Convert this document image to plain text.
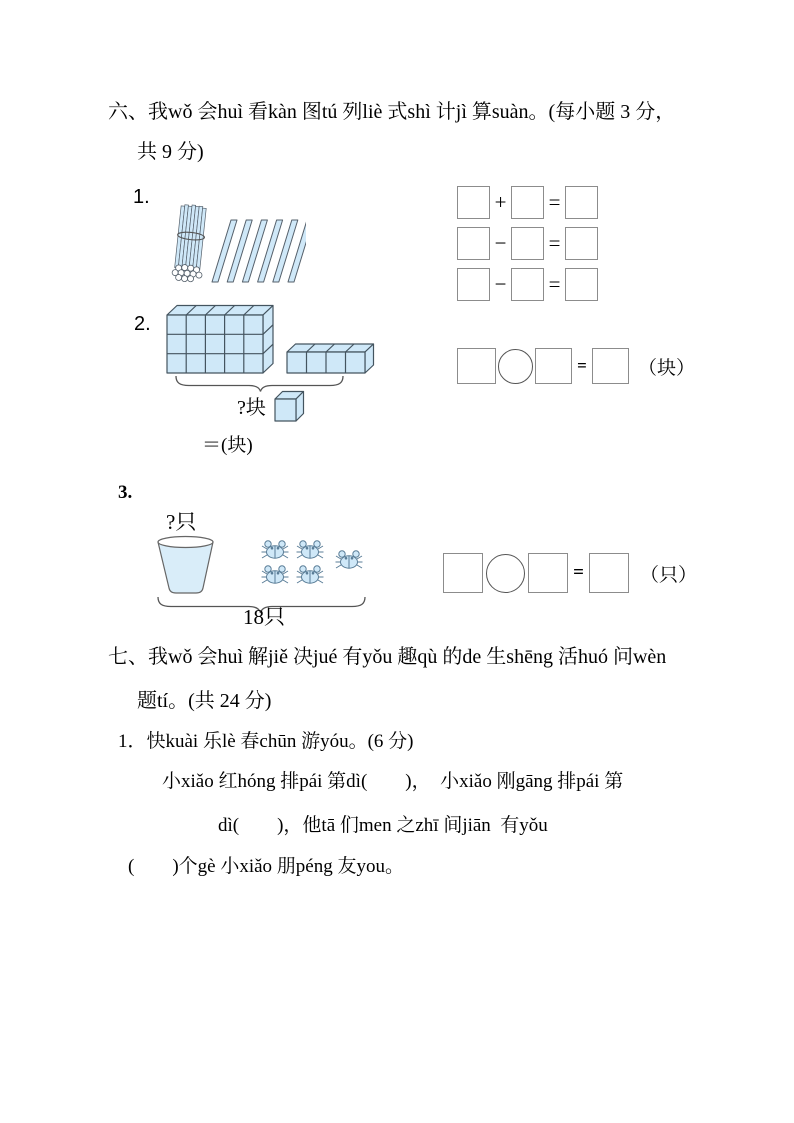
六、我wǒ 会huì 看kàn 图tú 列liè 式shì 计jì 算suàn。(每小题 3 分，
共 9 分)
1.	+ =
− =
− =
2.
?块
＝(块)
=	（块）
3.
?只
18只
=	（只）
七、我wǒ 会huì 解jiě 决jué 有yǒu 趣qù 的de 生shēng 活huó 问wèn
题tí。(共 24 分)
1．快kuài 乐lè 春chūn 游yóu。(6 分)
小xiǎo 红hóng 排pái 第dì(　　)，　小xiǎo 刚gāng 排pái 第
dì(　　)，他tā 们men 之zhī 间jiān  有yǒu
(　　)个gè 小xiǎo 朋péng 友you。
